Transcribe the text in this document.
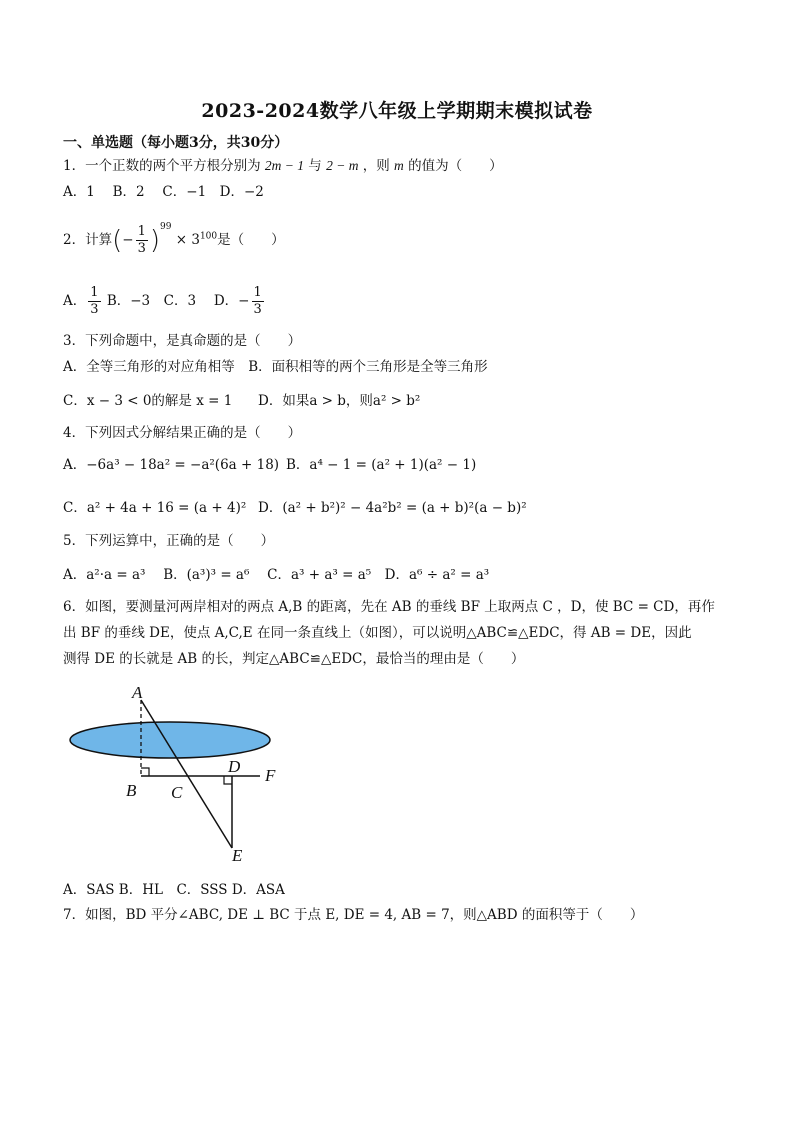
2023-2024数学八年级上学期期末模拟试卷
一、单选题（每小题3分，共30分）
1．一个正数的两个平方根分别为 2m − 1 与 2 − m ，则 m 的值为（　　）
A．1　 B．2　 C．−1　D．−2
2．计算(− $\frac{1}{3} )^{99} \times 3^{100}$是（　　）
A． $\frac{1}{3}$ B．−3　C．3　 D．− $\frac{1}{3}$
3．下列命题中，是真命题的是（　　）
A．全等三角形的对应角相等　B．面积相等的两个三角形是全等三角形
C．x − 3 < 0的解是 x = 1 D．如果a > b，则a² > b²
4．下列因式分解结果正确的是（　　）
A．−6a³ − 18a² = −a²(6a + 18) B．a⁴ − 1 = (a² + 1)(a² − 1)
C．a² + 4a + 16 = (a + 4)² D．(a² + b²)² − 4a²b² = (a + b)²(a − b)²
5．下列运算中，正确的是（　　）
A．a²·a = a³　 B．(a³)³ = a⁶　 C．a³ + a³ = a⁵　D．a⁶ ÷ a² = a³
6．如图，要测量河两岸相对的两点 A,B 的距离，先在 AB 的垂线 BF 上取两点 C ，D，使 BC = CD，再作
出 BF 的垂线 DE，使点 A,C,E 在同一条直线上（如图），可以说明△ABC≌△EDC，得 AB = DE，因此
测得 DE 的长就是 AB 的长，判定△ABC≌△EDC，最恰当的理由是（　　）
A
B C
D
E
F
A．SAS B．HL　C．SSS D．ASA
7．如图，BD 平分∠ABC, DE ⊥ BC 于点 E, DE = 4, AB = 7，则△ABD 的面积等于（　　）
